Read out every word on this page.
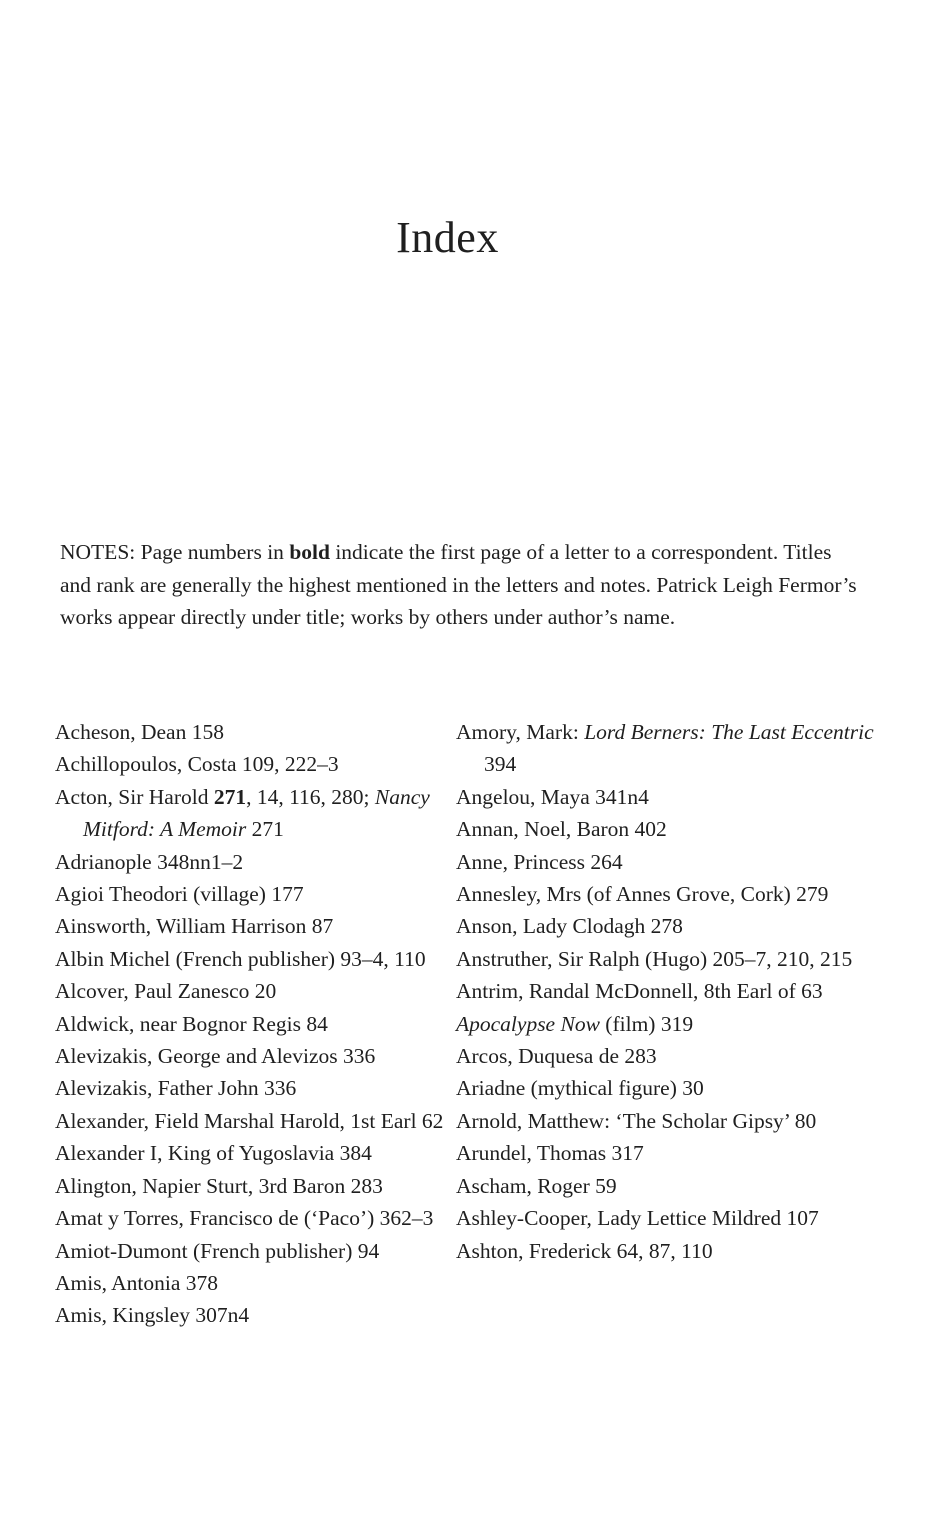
Index

NOTES: Page numbers in bold indicate the first page of a letter to a correspondent. Titles and rank are generally the highest mentioned in the letters and notes. Patrick Leigh Fermor’s works appear directly under title; works by others under author’s name.

Acheson, Dean 158
Achillopoulos, Costa 109, 222–3
Acton, Sir Harold 271, 14, 116, 280; Nancy Mitford: A Memoir 271
Adrianople 348nn1–2
Agioi Theodori (village) 177
Ainsworth, William Harrison 87
Albin Michel (French publisher) 93–4, 110
Alcover, Paul Zanesco 20
Aldwick, near Bognor Regis 84
Alevizakis, George and Alevizos 336
Alevizakis, Father John 336
Alexander, Field Marshal Harold, 1st Earl 62
Alexander I, King of Yugoslavia 384
Alington, Napier Sturt, 3rd Baron 283
Amat y Torres, Francisco de (‘Paco’) 362–3
Amiot-Dumont (French publisher) 94
Amis, Antonia 378
Amis, Kingsley 307n4
Amory, Mark: Lord Berners: The Last Eccentric 394
Angelou, Maya 341n4
Annan, Noel, Baron 402
Anne, Princess 264
Annesley, Mrs (of Annes Grove, Cork) 279
Anson, Lady Clodagh 278
Anstruther, Sir Ralph (Hugo) 205–7, 210, 215
Antrim, Randal McDonnell, 8th Earl of 63
Apocalypse Now (film) 319
Arcos, Duquesa de 283
Ariadne (mythical figure) 30
Arnold, Matthew: ‘The Scholar Gipsy’ 80
Arundel, Thomas 317
Ascham, Roger 59
Ashley-Cooper, Lady Lettice Mildred 107
Ashton, Frederick 64, 87, 110
